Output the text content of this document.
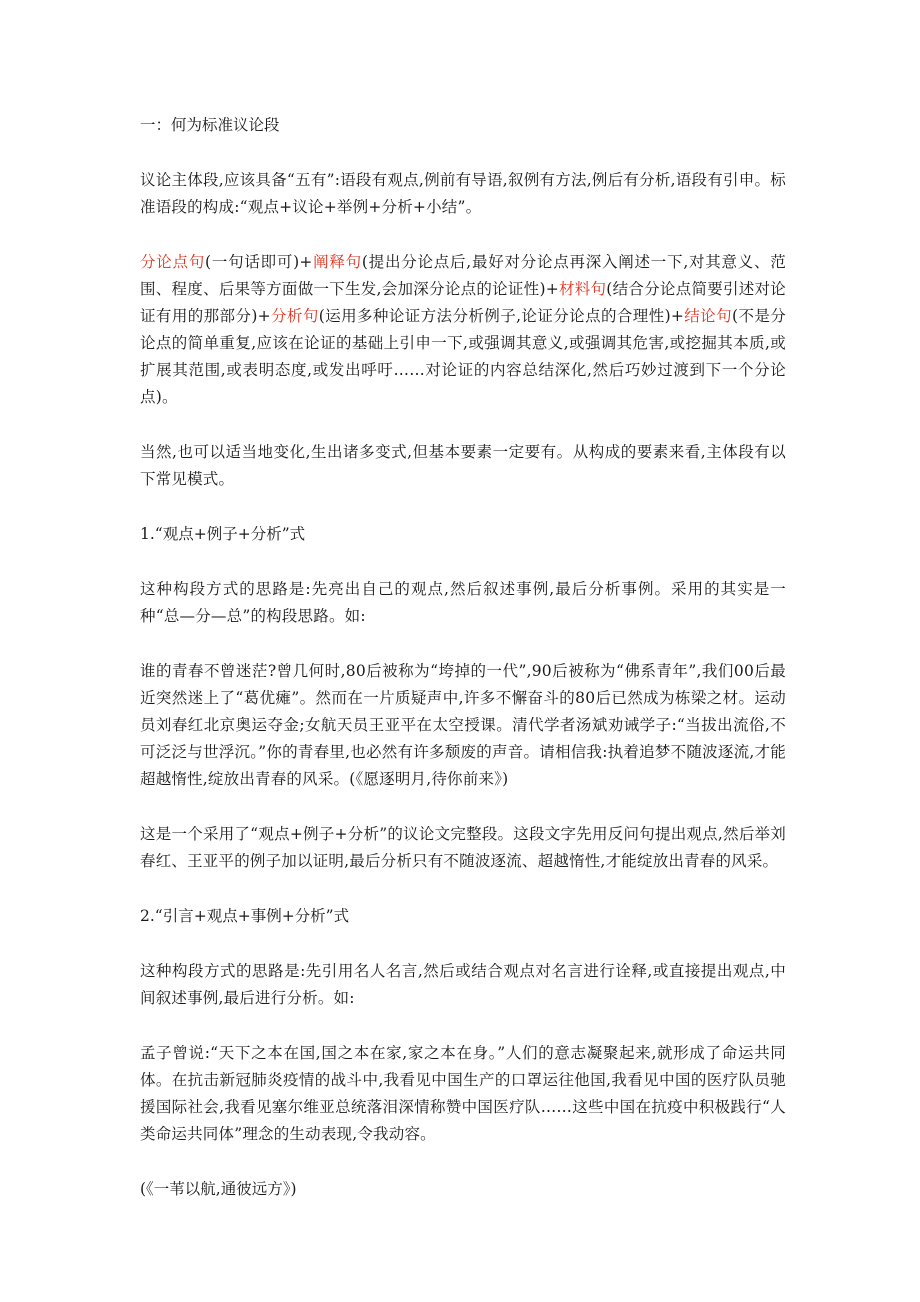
一：何为标准议论段

议论主体段,应该具备“五有”:语段有观点,例前有导语,叙例有方法,例后有分析,语段有引申。标准语段的构成:“观点+议论+举例+分析+小结”。

分论点句(一句话即可)+阐释句(提出分论点后,最好对分论点再深入阐述一下,对其意义、范围、程度、后果等方面做一下生发,会加深分论点的论证性)+材料句(结合分论点简要引述对论证有用的那部分)+分析句(运用多种论证方法分析例子,论证分论点的合理性)+结论句(不是分论点的简单重复,应该在论证的基础上引申一下,或强调其意义,或强调其危害,或挖掘其本质,或扩展其范围,或表明态度,或发出呼吁……对论证的内容总结深化,然后巧妙过渡到下一个分论点)。

当然,也可以适当地变化,生出诸多变式,但基本要素一定要有。从构成的要素来看,主体段有以下常见模式。

1.“观点+例子+分析”式

这种构段方式的思路是:先亮出自己的观点,然后叙述事例,最后分析事例。采用的其实是一种“总—分—总”的构段思路。如:

谁的青春不曾迷茫?曾几何时,80后被称为“垮掉的一代”,90后被称为“佛系青年”,我们00后最近突然迷上了“葛优瘫”。然而在一片质疑声中,许多不懈奋斗的80后已然成为栋梁之材。运动员刘春红北京奥运夺金;女航天员王亚平在太空授课。清代学者汤斌劝诫学子:“当拔出流俗,不可泛泛与世浮沉。”你的青春里,也必然有许多颓废的声音。请相信我:执着追梦不随波逐流,才能超越惰性,绽放出青春的风采。(《愿逐明月,待你前来》)

这是一个采用了“观点+例子+分析”的议论文完整段。这段文字先用反问句提出观点,然后举刘春红、王亚平的例子加以证明,最后分析只有不随波逐流、超越惰性,才能绽放出青春的风采。

2.“引言+观点+事例+分析”式

这种构段方式的思路是:先引用名人名言,然后或结合观点对名言进行诠释,或直接提出观点,中间叙述事例,最后进行分析。如:

孟子曾说:“天下之本在国,国之本在家,家之本在身。”人们的意志凝聚起来,就形成了命运共同体。在抗击新冠肺炎疫情的战斗中,我看见中国生产的口罩运往他国,我看见中国的医疗队员驰援国际社会,我看见塞尔维亚总统落泪深情称赞中国医疗队……这些中国在抗疫中积极践行“人类命运共同体”理念的生动表现,令我动容。

(《一苇以航,通彼远方》)
